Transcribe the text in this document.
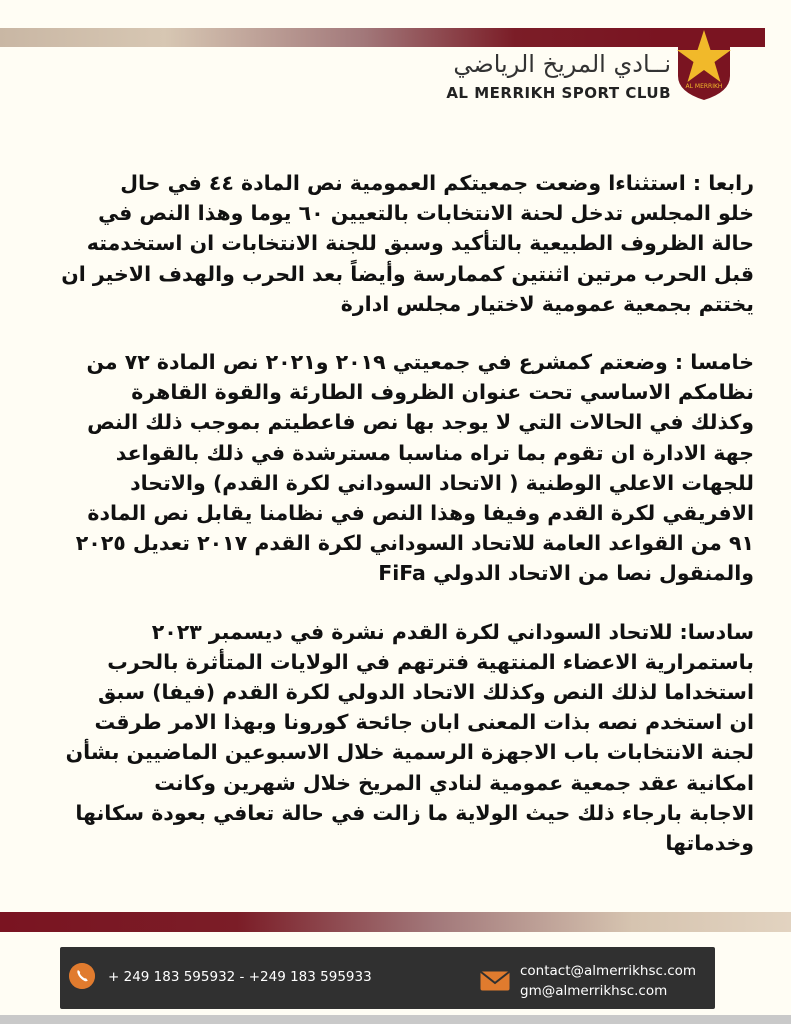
AL MERRIKH
نــادي المريخ الرياضي
AL MERRIKH SPORT CLUB
رابعا : استثناءا وضعت جمعيتكم العمومية نص المادة ٤٤ في حال
خلو المجلس تدخل لحنة الانتخابات بالتعيين ٦٠ يوما وهذا النص في
حالة الظروف الطبيعية بالتأكيد وسبق للجنة الانتخابات ان استخدمته
قبل الحرب مرتين اثنتين كممارسة وأيضاً بعد الحرب والهدف الاخير ان
يختتم بجمعية عمومية لاختيار مجلس ادارة
خامسا : وضعتم كمشرع في جمعيتي ٢٠١٩ و٢٠٢١ نص المادة ٧٢ من
نظامكم الاساسي تحت عنوان الظروف الطارئة والقوة القاهرة
وكذلك في الحالات التي لا يوجد بها نص فاعطيتم بموجب ذلك النص
جهة الادارة ان تقوم بما تراه مناسبا مسترشدة في ذلك بالقواعد
للجهات الاعلي الوطنية ( الاتحاد السوداني لكرة القدم) والاتحاد
الافريقي لكرة القدم وفيفا وهذا النص في نظامنا يقابل نص المادة
٩١ من القواعد العامة للاتحاد السوداني لكرة القدم ٢٠١٧ تعديل ٢٠٢٥
والمنقول نصا من الاتحاد الدولي FiFa
سادسا: للاتحاد السوداني لكرة القدم نشرة في ديسمبر ٢٠٢٣
باستمرارية الاعضاء المنتهية فترتهم في الولايات المتأثرة بالحرب
استخداما لذلك النص وكذلك الاتحاد الدولي لكرة القدم (فيفا) سبق
ان استخدم نصه بذات المعنى ابان جائحة كورونا وبهذا الامر طرقت
لجنة الانتخابات باب الاجهزة الرسمية خلال الاسبوعين الماضيين بشأن
امكانية عقد جمعية عمومية لنادي المريخ خلال شهرين وكانت
الاجابة بارجاء ذلك حيث الولاية ما زالت في حالة تعافي بعودة سكانها
وخدماتها
+ 249 183 595932 - +249 183 595933	contact@almerrikhsc.com
gm@almerrikhsc.com
